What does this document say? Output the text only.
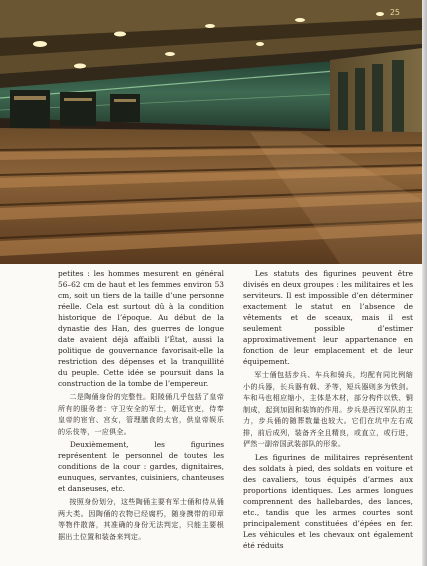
25

petites : les hommes mesurent en général 56–62 cm de haut et les femmes environ 53 cm, soit un tiers de la taille d’une personne réelle. Cela est surtout dû à la condition historique de l’époque. Au début de la dynastie des Han, des guerres de longue date avaient déjà affaibli l’État, aussi la politique de gouvernance favorisait-elle la restriction des dépenses et la tranquillité du peuple. Cette idée se poursuit dans la construction de la tombe de l’empereur.

二是陶俑身份的完整性。阳陵俑几乎包括了皇帝所有的服务者：守卫安全的军士，朝廷官吏，侍奉皇帝的宦官、宫女，管理膳食的太官，供皇帝娱乐的乐伎等，一应俱全。

Deuxièmement, les figurines représentent le personnel de toutes les conditions de la cour : gardes, dignitaires, eunuques, servantes, cuisiniers, chanteuses et danseuses, etc.

按照身份划分，这些陶俑主要有军士俑和侍从俑两大类。因陶俑的衣物已经腐朽，随身携带的印章等物件散落，其准确的身份无法判定，只能主要根据出土位置和装备来判定。

Les statuts des figurines peuvent être divisés en deux groupes : les militaires et les serviteurs. Il est impossible d’en déterminer exactement le statut en l’absence de vêtements et de sceaux, mais il est seulement possible d’estimer approximativement leur appartenance en fonction de leur emplacement et de leur équipement.

军士俑包括步兵、车兵和骑兵，均配有同比例缩小的兵器，长兵器有戟、矛等，短兵器则多为铁剑。车和马也相应缩小，主体是木材，部分构件以铁、铜制成，起到加固和装饰的作用。步兵是西汉军队的主力，步兵俑的随葬数量也较大。它们在坑中左右成排，前后成列，装备齐全且精良，或直立，或行进，俨然一副帝国武装部队的形象。

Les figurines de militaires représentent des soldats à pied, des soldats en voiture et des cavaliers, tous équipés d’armes aux proportions identiques. Les armes longues comprennent des hallebardes, des lances, etc., tandis que les armes courtes sont principalement constituées d’épées en fer. Les véhicules et les chevaux ont également été réduits
